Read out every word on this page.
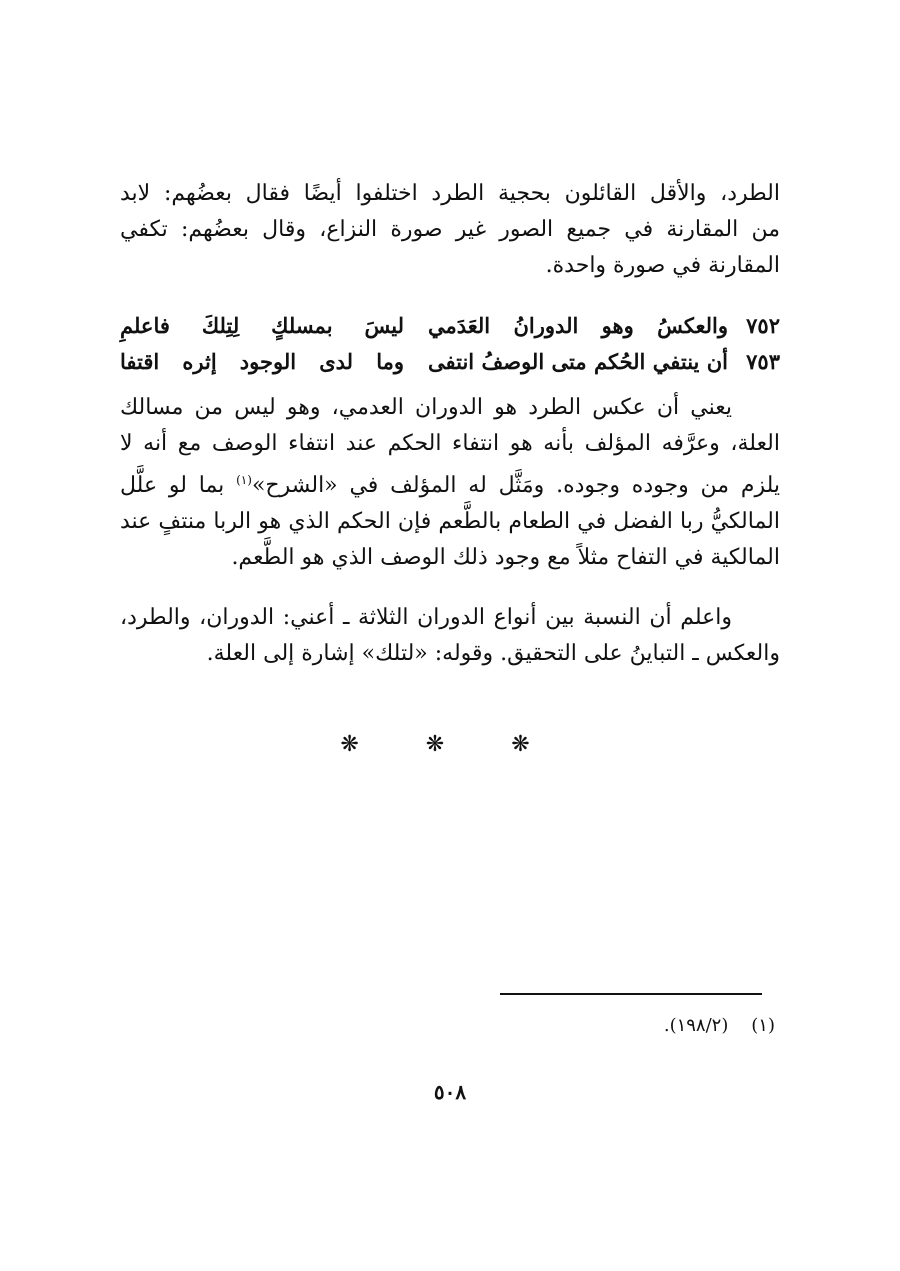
الطرد، والأقل القائلون بحجية الطرد اختلفوا أيضًا فقال بعضُهم: لابد
من المقارنة في جميع الصور غير صورة النزاع، وقال بعضُهم: تكفي
المقارنة في صورة واحدة.
٧٥٢
والعكسُ وهو الدورانُ العَدَمي
ليسَ بمسلكٍ لِتِلكَ فاعلمِ
٧٥٣
أن ينتفي الحُكم متى الوصفُ انتفى
وما لدى الوجود إثره اقتفا
يعني أن عكس الطرد هو الدوران العدمي، وهو ليس من مسالك
العلة، وعرَّفه المؤلف بأنه هو انتفاء الحكم عند انتفاء الوصف مع أنه لا
يلزم من وجوده وجوده. ومَثَّل له المؤلف في «الشرح»$^{(١)}$ بما لو علَّل
المالكيُّ ربا الفضل في الطعام بالطَّعم فإن الحكم الذي هو الربا منتفٍ عند
المالكية في التفاح مثلاً مع وجود ذلك الوصف الذي هو الطَّعم.
واعلم أن النسبة بين أنواع الدوران الثلاثة ـ أعني: الدوران، والطرد،
والعكس ـ التباينُ على التحقيق. وقوله: «لتلك» إشارة إلى العلة.
❋ ❋ ❋
(١)    (١٩٨/٢).
٥٠٨
